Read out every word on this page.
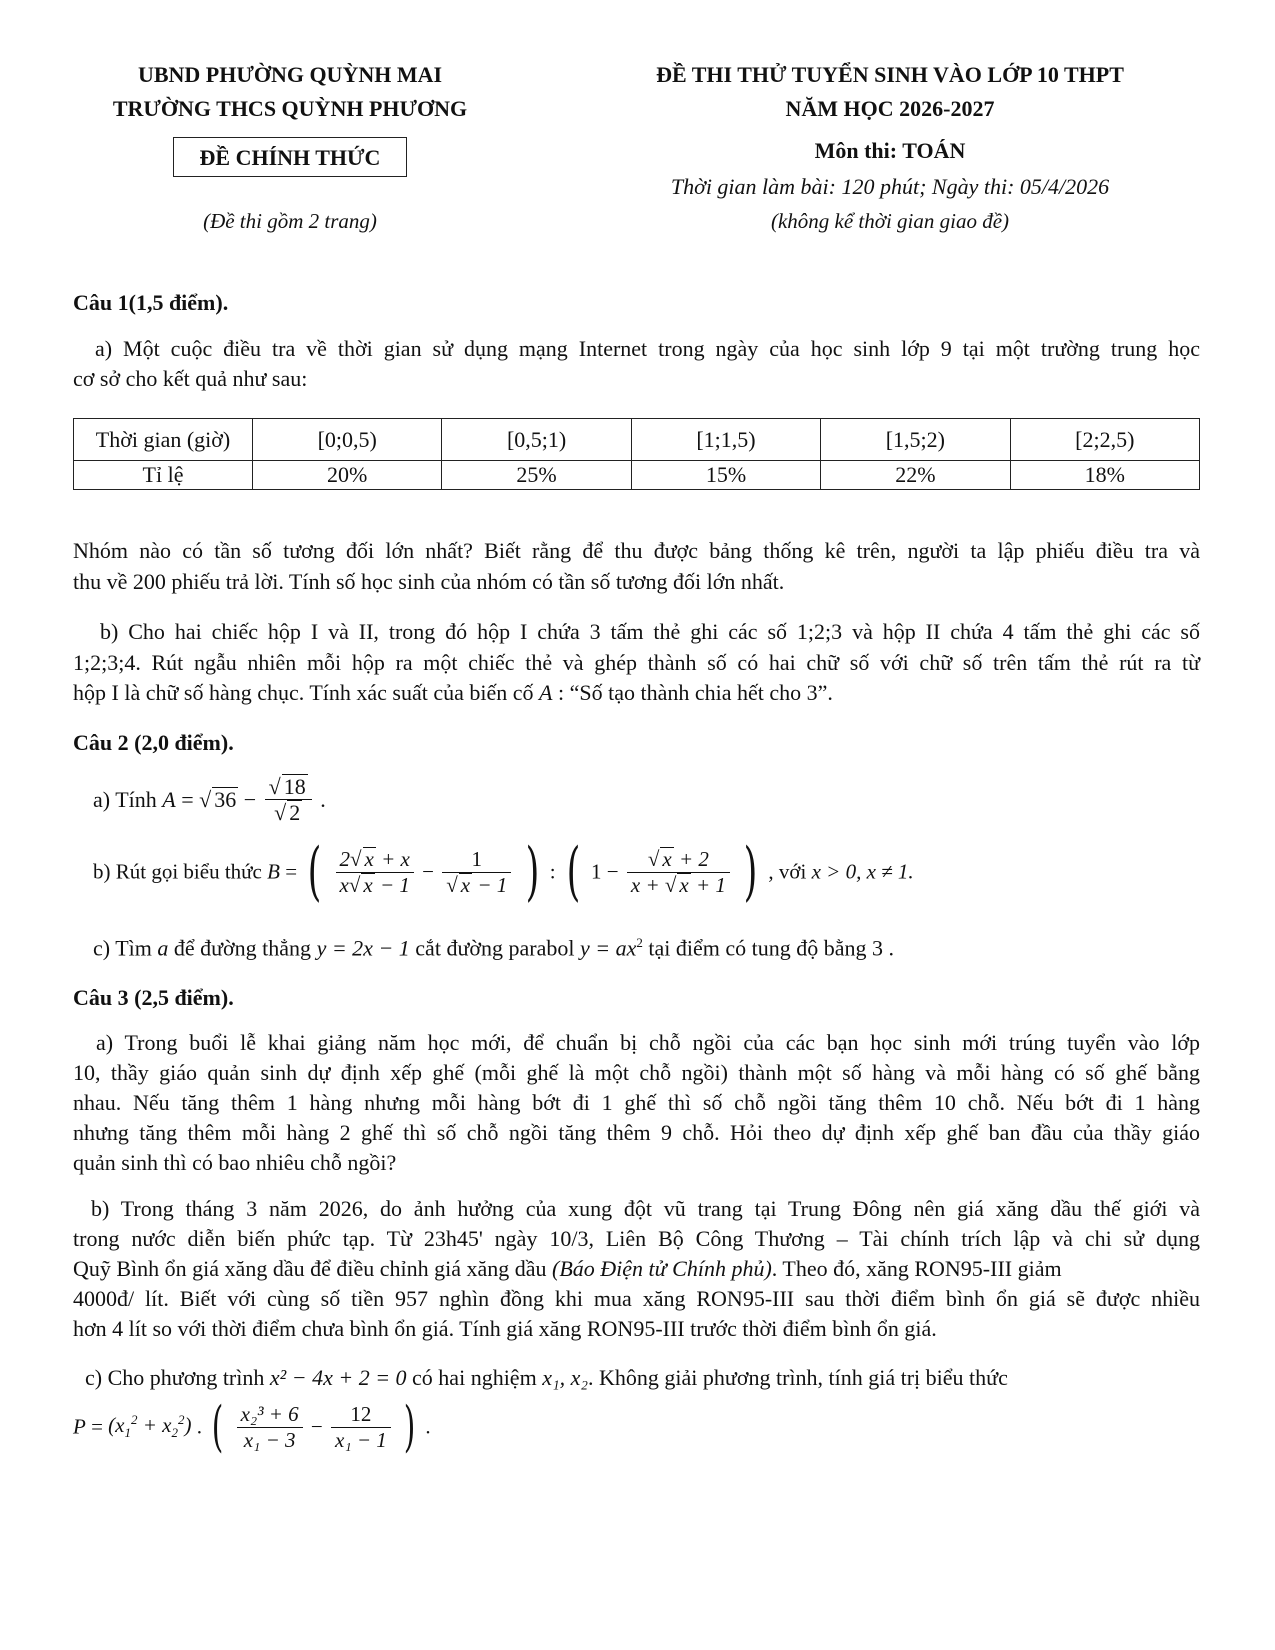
UBND PHƯỜNG QUỲNH MAI
TRƯỜNG THCS QUỲNH PHƯƠNG
ĐỀ CHÍNH THỨC
(Đề thi gồm 2 trang)
ĐỀ THI THỬ TUYỂN SINH VÀO LỚP 10 THPT
NĂM HỌC 2026-2027
Môn thi: TOÁN
Thời gian làm bài: 120 phút; Ngày thi: 05/4/2026
(không kể thời gian giao đề)
Câu 1(1,5 điểm).
a) Một cuộc điều tra về thời gian sử dụng mạng Internet trong ngày của học sinh lớp 9 tại một trường trung học
cơ sở cho kết quả như sau:
Thời gian (giờ)	[0;0,5)	[0,5;1)	[1;1,5)	[1,5;2)	[2;2,5)
Tỉ lệ	20%	25%	15%	22%	18%
Nhóm nào có tần số tương đối lớn nhất? Biết rằng để thu được bảng thống kê trên, người ta lập phiếu điều tra và
thu về 200 phiếu trả lời. Tính số học sinh của nhóm có tần số tương đối lớn nhất.
b) Cho hai chiếc hộp I và II, trong đó hộp I chứa 3 tấm thẻ ghi các số 1;2;3 và hộp II chứa 4 tấm thẻ ghi các số
1;2;3;4. Rút ngẫu nhiên mỗi hộp ra một chiếc thẻ và ghép thành số có hai chữ số với chữ số trên tấm thẻ rút ra từ
hộp I là chữ số hàng chục. Tính xác suất của biến cố A : “Số tạo thành chia hết cho 3”.
Câu 2 (2,0 điểm).
a) Tính A = √ $36 - \frac{√ 18}{√ 2}$ .
b) Rút gọi biểu thức B = ( $\frac{2√ x + x}{x√ x - 1} - \frac{1}{√ x - 1}$ ) : ( $1 - \frac{√ x + 2}{x + √ x + 1}$ ) , với x > 0, x ≠ 1.
c) Tìm a để đường thẳng y = 2x − 1 cắt đường parabol $y = ax^2$ tại điểm có tung độ bằng 3 .
Câu 3 (2,5 điểm).
a) Trong buổi lễ khai giảng năm học mới, để chuẩn bị chỗ ngồi của các bạn học sinh mới trúng tuyển vào lớp
10, thầy giáo quản sinh dự định xếp ghế (mỗi ghế là một chỗ ngồi) thành một số hàng và mỗi hàng có số ghế bằng
nhau. Nếu tăng thêm 1 hàng nhưng mỗi hàng bớt đi 1 ghế thì số chỗ ngồi tăng thêm 10 chỗ. Nếu bớt đi 1 hàng
nhưng tăng thêm mỗi hàng 2 ghế thì số chỗ ngồi tăng thêm 9 chỗ. Hỏi theo dự định xếp ghế ban đầu của thầy giáo
quản sinh thì có bao nhiêu chỗ ngồi?
b) Trong tháng 3 năm 2026, do ảnh hưởng của xung đột vũ trang tại Trung Đông nên giá xăng dầu thế giới và
trong nước diễn biến phức tạp. Từ 23h45' ngày 10/3, Liên Bộ Công Thương – Tài chính trích lập và chi sử dụng
Quỹ Bình ổn giá xăng dầu để điều chỉnh giá xăng dầu (Báo Điện tử Chính phủ). Theo đó, xăng RON95-III giảm
4000đ/ lít. Biết với cùng số tiền 957 nghìn đồng khi mua xăng RON95-III sau thời điểm bình ổn giá sẽ được nhiều
hơn 4 lít so với thời điểm chưa bình ổn giá. Tính giá xăng RON95-III trước thời điểm bình ổn giá.
c) Cho phương trình x² − 4x + 2 = 0 có hai nghiệm x₁, x₂. Không giải phương trình, tính giá trị biểu thức
$P = (x_1^2 + x_2^2)$ . ( $\frac{\text{x₂³ + 6}}{\text{x₁ − 3}} - \frac{12}{\text{x₁ − 1}}$ ) .
